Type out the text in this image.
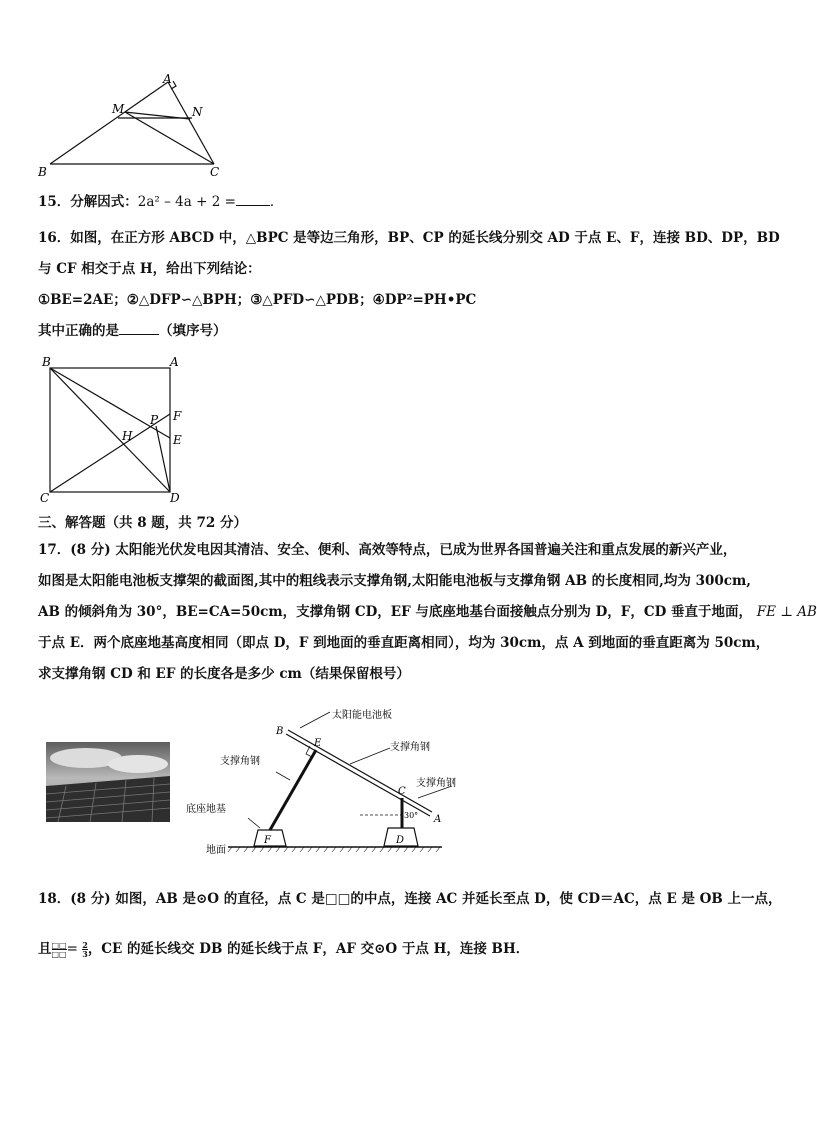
A
M	N
B	C
15．分解因式：2a² – 4a + 2 =	．
16．如图，在正方形 ABCD 中，△BPC 是等边三角形，BP、CP 的延长线分别交 AD 于点 E、F，连接 BD、DP，BD
与 CF 相交于点 H，给出下列结论：
①BE=2AE；②△DFP∽△BPH；③△PFD∽△PDB；④DP²=PH•PC
其中正确的是	（填序号）
B	A
C	D
P F
H	E
三、解答题（共 8 题，共 72 分）
17．(8 分) 太阳能光伏发电因其清洁、安全、便利、高效等特点，已成为世界各国普遍关注和重点发展的新兴产业，
如图是太阳能电池板支撑架的截面图,其中的粗线表示支撑角钢,太阳能电池板与支撑角钢 AB 的长度相同,均为 300cm,
AB 的倾斜角为 30°，BE=CA=50cm，支撑角钢 CD，EF 与底座地基台面接触点分别为 D，F，CD 垂直于地面， FE ⊥ AB
于点 E．两个底座地基高度相同（即点 D，F 到地面的垂直距离相同），均为 30cm，点 A 到地面的垂直距离为 50cm，
求支撑角钢 CD 和 EF 的长度各是多少 cm（结果保留根号）
B
E
C
A
F	D
30°
太阳能电池板
支撑角钢
支撑角钢
支撑角钢
底座地基
地面
18．(8 分) 如图，AB 是⊙O 的直径，点 C 是□□的中点，连接 AC 并延长至点 D，使 CD＝AC，点 E 是 OB 上一点，
且 $\frac{□□}{□□} = \frac{2}{3}$ ，CE 的延长线交 DB 的延长线于点 F，AF 交⊙O 于点 H，连接 BH．
